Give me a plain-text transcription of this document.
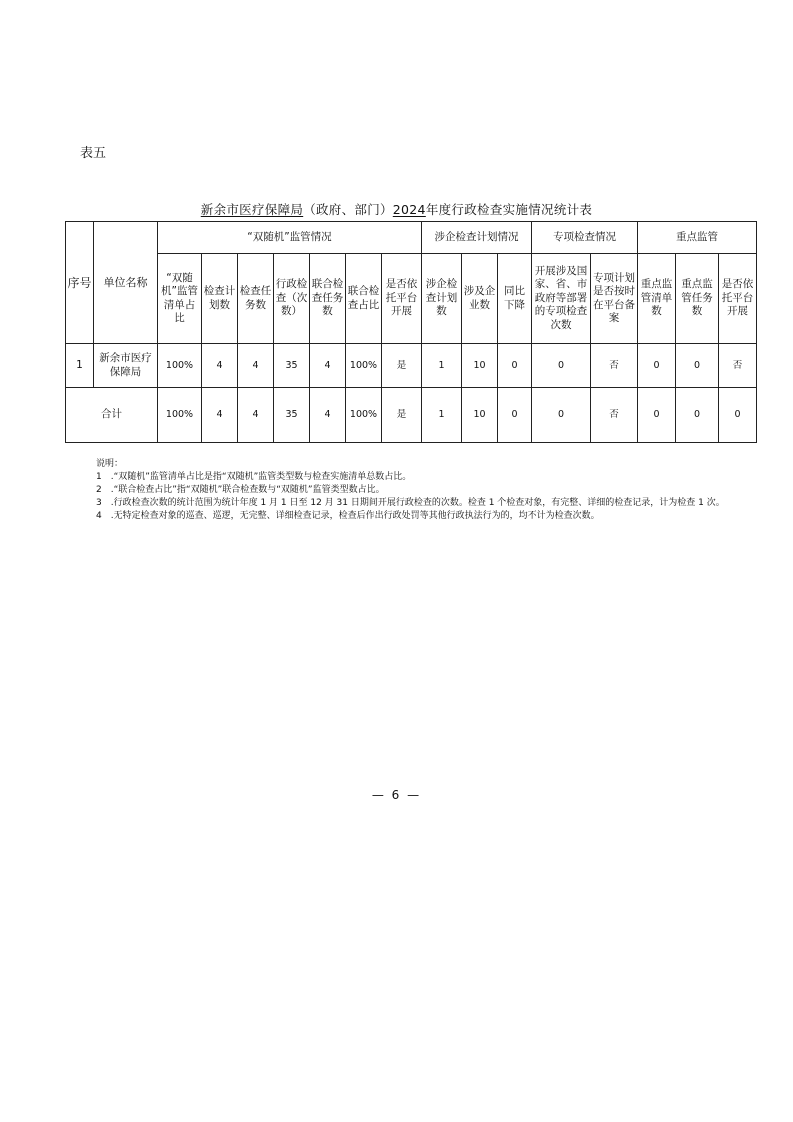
表五
新余市医疗保障局（政府、部门）2024年度行政检查实施情况统计表
序号	单位名称	“双随机”监管情况							涉企检查计划情况			专项检查情况		重点监管		
		“双随机”监管清单占比	检查计划数	检查任务数	行政检查（次数）	联合检查任务数	联合检查占比	是否依托平台开展	涉企检查计划数	涉及企业数	同比下降	开展涉及国家、省、市政府等部署的专项检查次数	专项计划是否按时在平台备案	重点监管清单数	重点监管任务数	是否依托平台开展
1	新余市医疗保障局	100%	4	4	35	4	100%	是	1	10	0	0	否	0	0	否
合计		100%	4	4	35	4	100%	是	1	10	0	0	否	0	0	0

说明：

1　.“双随机”监管清单占比是指“双随机”监管类型数与检查实施清单总数占比。

2　.“联合检查占比”指“双随机”联合检查数与“双随机”监管类型数占比。

3　.行政检查次数的统计范围为统计年度 1 月 1 日至 12 月 31 日期间开展行政检查的次数。检查 1 个检查对象，有完整、详细的检查记录，计为检查 1 次。

4　.无特定检查对象的巡查、巡逻，无完整、详细检查记录，检查后作出行政处罚等其他行政执法行为的，均不计为检查次数。

— 6 —
